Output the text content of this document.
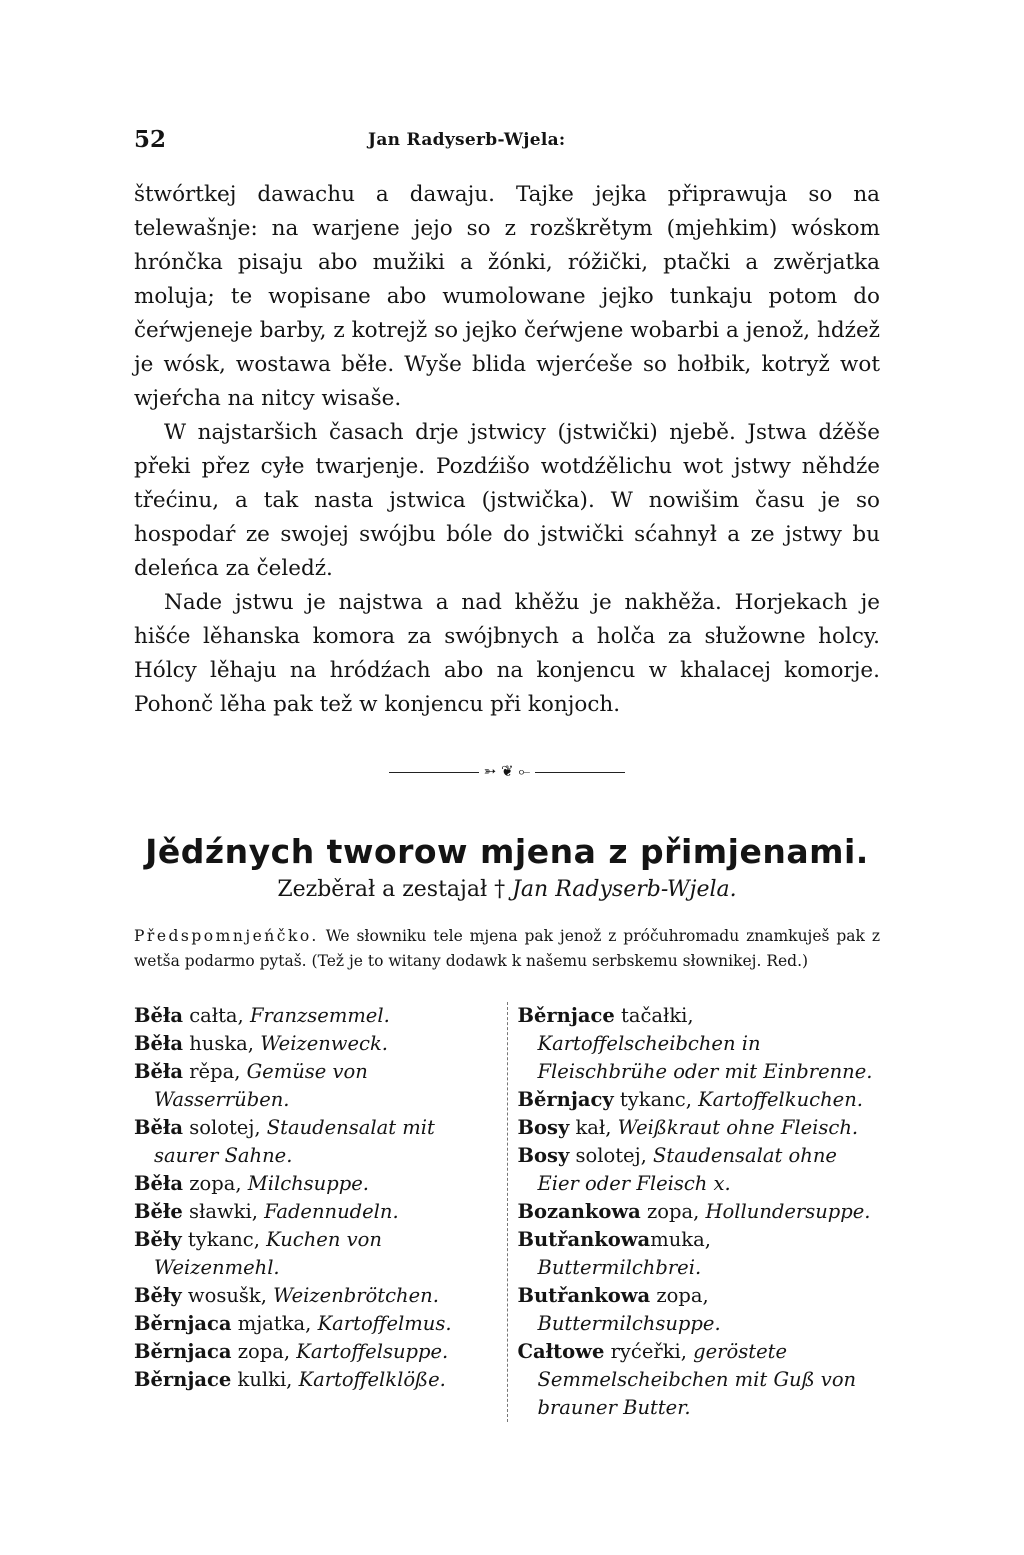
52	Jan Radyserb-Wjela:

štwórtkej dawachu a dawaju. Tajke jejka připrawuja so na telewašnje: na warjene jejo so z rozškrětym (mjehkim) wóskom hrónčka pisaju abo mužiki a žónki, róžički, ptački a zwěrjatka moluja; te wopisane abo wumolowane jejko tunkaju potom do čeŕwjeneje barby, z kotrejž so jejko čeŕwjene wobarbi a jenož, hdźež je wósk, wostawa běłe. Wyše blida wjerćeše so hołbik, kotryž wot wjeŕcha na nitcy wisaše.

W najstaršich časach drje jstwicy (jstwički) njebě. Jstwa dźěše překi přez cyłe twarjenje. Pozdźišo wotdźělichu wot jstwy něhdźe třećinu, a tak nasta jstwica (jstwička). W nowišim času je so hospodaŕ ze swojej swójbu bóle do jstwički sćahnył a ze jstwy bu deleńca za čeledź.

Nade jstwu je najstwa a nad khěžu je nakhěža. Horjekach je hišće lěhanska komora za swójbnych a holča za słužowne holcy. Hólcy lěhaju na hródźach abo na konjencu w khalacej komorje. Pohonč lěha pak tež w konjencu při konjoch.

➳ ❦ ⟜
Jědźnych tworow mjena z přimjenami.
Zezběrał a zestajał † Jan Radyserb-Wjela.
Předspomnjeńčko. We słowniku tele mjena pak jenož z próčuhromadu znamkuješ pak z wetša podarmo pytaš. (Tež je to witany dodawk k našemu serbskemu słownikej. Red.)
Běła całta, Franzsemmel.
Běła huska, Weizenweck.
Běła rěpa, Gemüse von Wasserrüben.
Běła solotej, Staudensalat mit saurer Sahne.
Běła zopa, Milchsuppe.
Běłe sławki, Fadennudeln.
Běły tykanc, Kuchen von Weizenmehl.
Běły wosušk, Weizenbrötchen.
Běrnjaca mjatka, Kartoffelmus.
Běrnjaca zopa, Kartoffelsuppe.
Běrnjace kulki, Kartoffelklöße.
Běrnjace tačałki, Kartoffelscheibchen in Fleischbrühe oder mit Einbrenne.
Běrnjacy tykanc, Kartoffelkuchen.
Bosy kał, Weißkraut ohne Fleisch.
Bosy solotej, Staudensalat ohne Eier oder Fleisch x.
Bozankowa zopa, Hollundersuppe.
Butřankowamuka, Buttermilchbrei.
Butřankowa zopa, Buttermilchsuppe.
Całtowe ryćeřki, geröstete Semmelscheibchen mit Guß von brauner Butter.
